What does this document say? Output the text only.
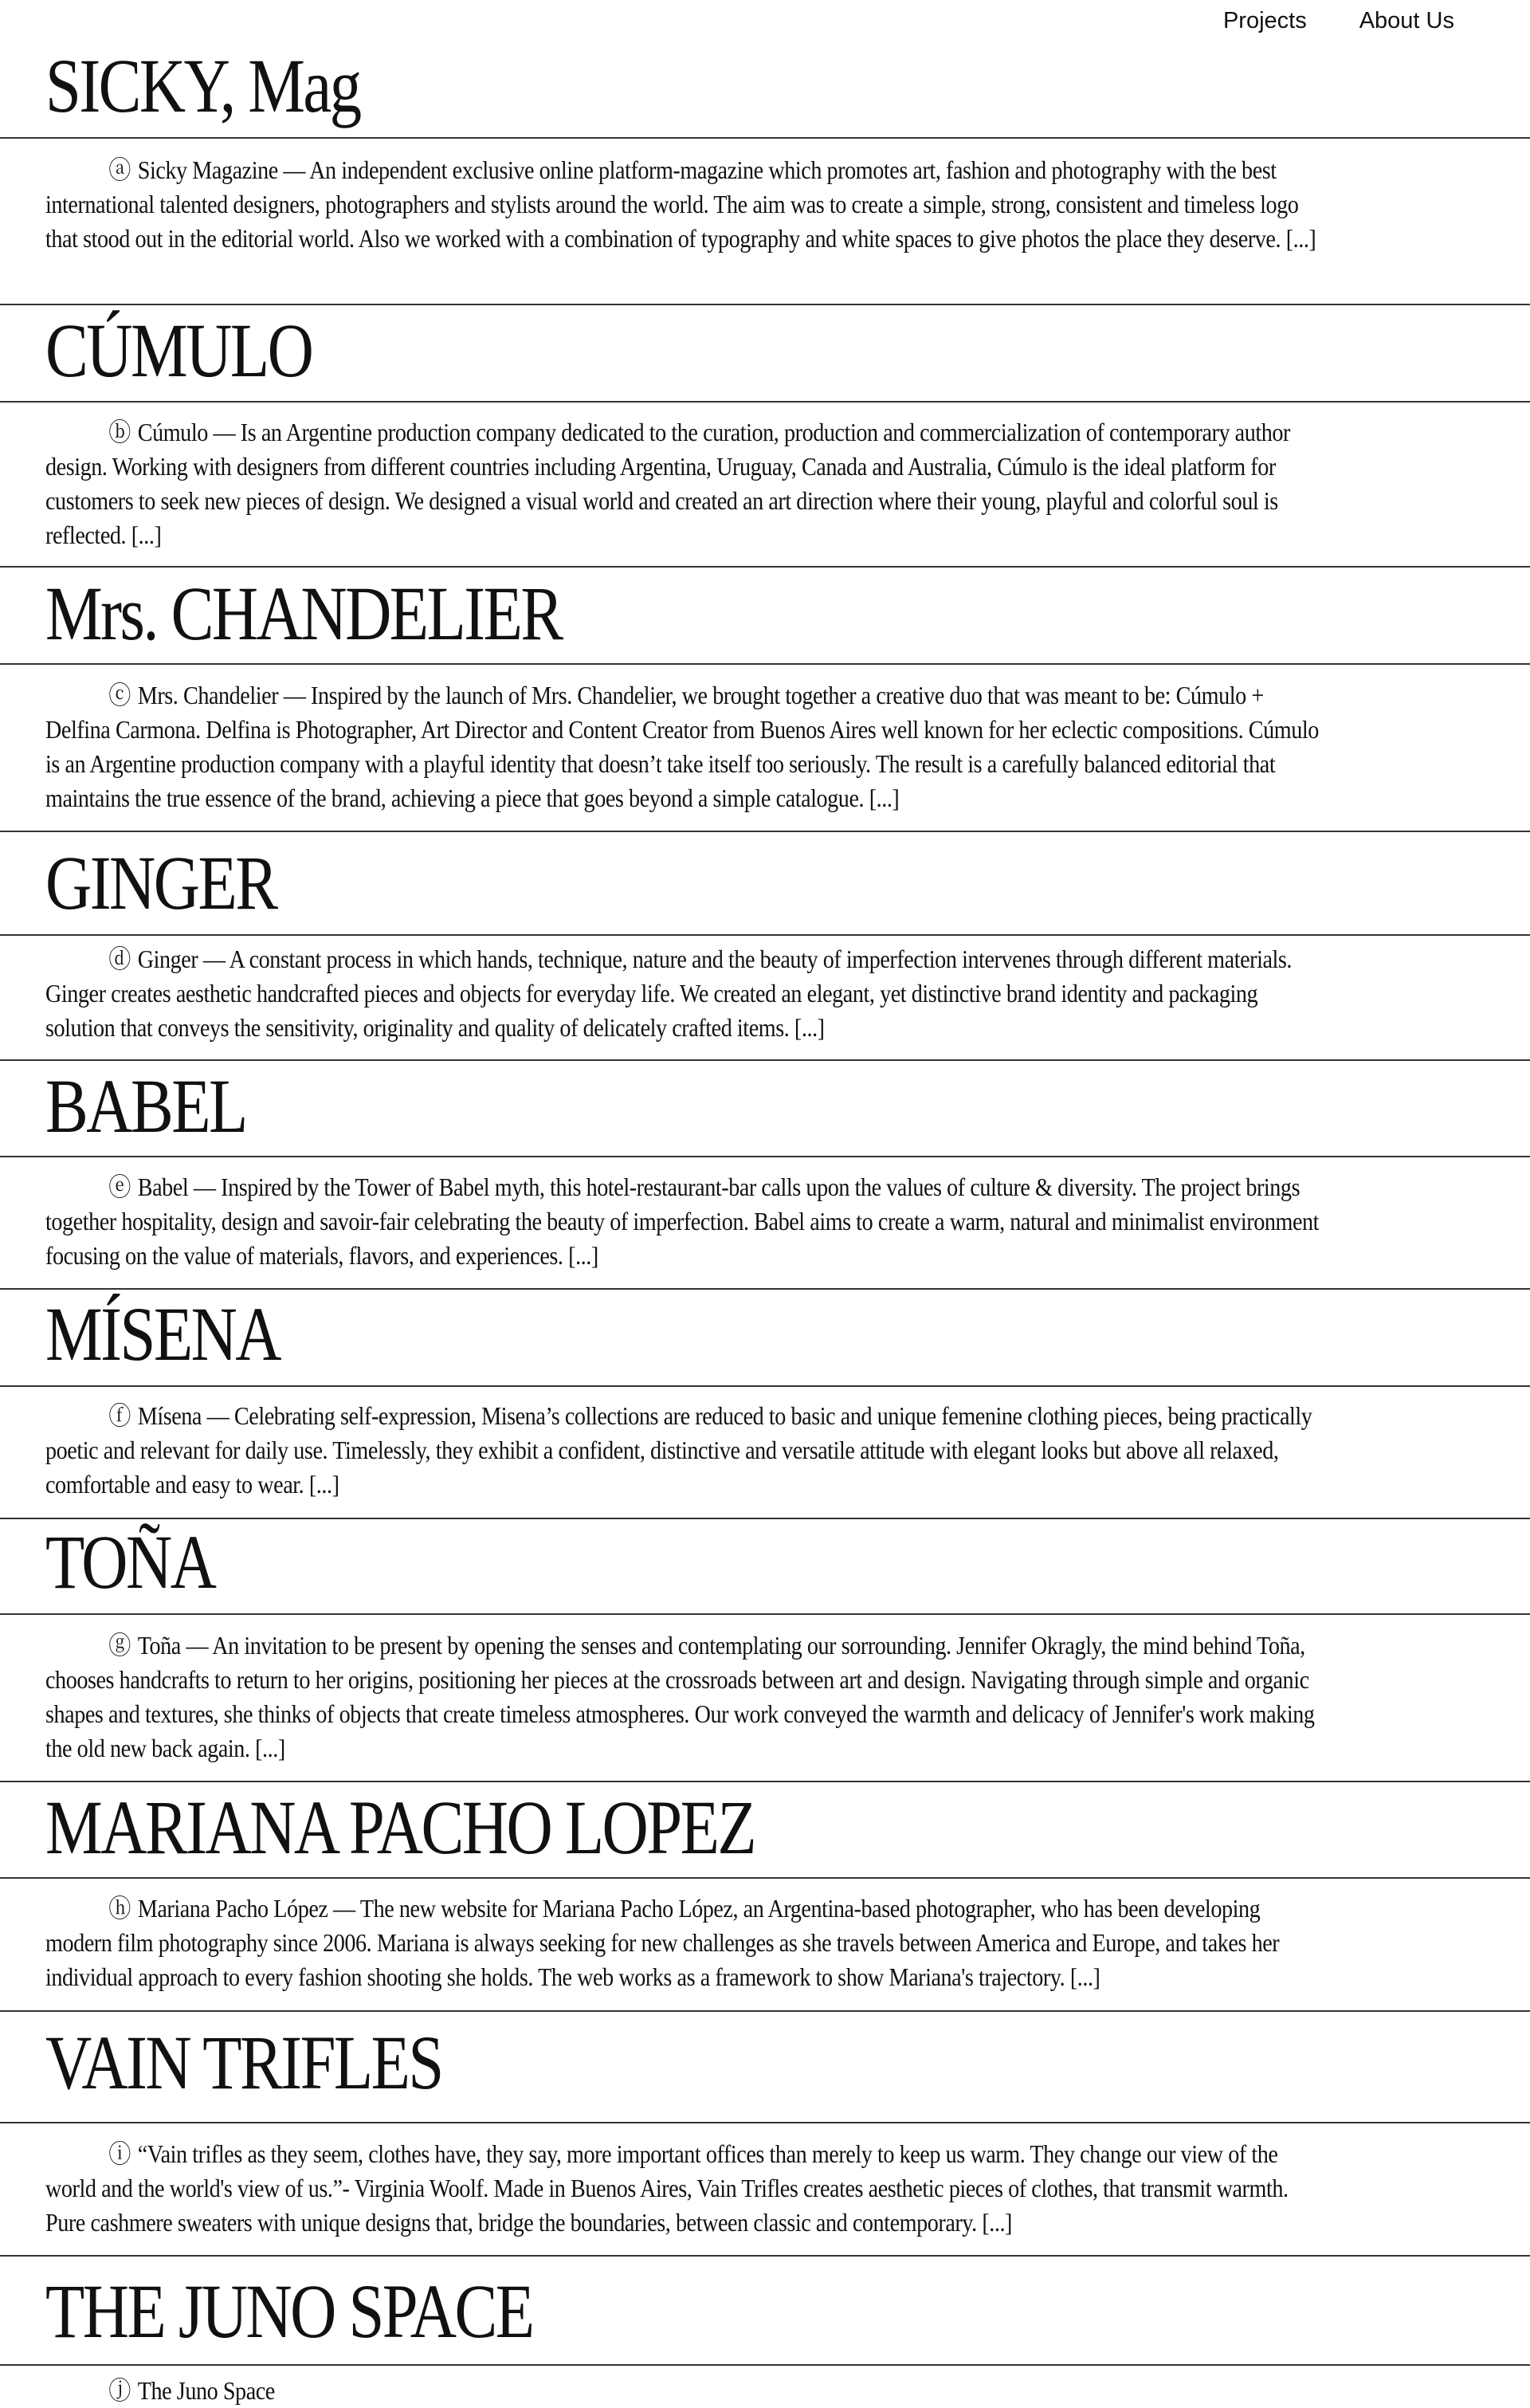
Projects About Us
SICKY, Mag

ⓐ Sicky Magazine — An independent exclusive online platform-magazine which promotes art, fashion and photography with the best international talented designers, photographers and stylists around the world. The aim was to create a simple, strong, consistent and timeless logo that stood out in the editorial world. Also we worked with a combination of typography and white spaces to give photos the place they deserve. [...]

CÚMULO

ⓑ Cúmulo — Is an Argentine production company dedicated to the curation, production and commercialization of contemporary author design. Working with designers from different countries including Argentina, Uruguay, Canada and Australia, Cúmulo is the ideal platform for customers to seek new pieces of design. We designed a visual world and created an art direction where their young, playful and colorful soul is reflected. [...]

Mrs. CHANDELIER

ⓒ Mrs. Chandelier — Inspired by the launch of Mrs. Chandelier, we brought together a creative duo that was meant to be: Cúmulo + Delfina Carmona. Delfina is Photographer, Art Director and Content Creator from Buenos Aires well known for her eclectic compositions. Cúmulo is an Argentine production company with a playful identity that doesn’t take itself too seriously. The result is a carefully balanced editorial that maintains the true essence of the brand, achieving a piece that goes beyond a simple catalogue. [...]

GINGER

ⓓ Ginger — A constant process in which hands, technique, nature and the beauty of imperfection intervenes through different materials. Ginger creates aesthetic handcrafted pieces and objects for everyday life. We created an elegant, yet distinctive brand identity and packaging solution that conveys the sensitivity, originality and quality of delicately crafted items. [...]

BABEL

ⓔ Babel — Inspired by the Tower of Babel myth, this hotel-restaurant-bar calls upon the values of culture & diversity. The project brings together hospitality, design and savoir-fair celebrating the beauty of imperfection. Babel aims to create a warm, natural and minimalist environment focusing on the value of materials, flavors, and experiences. [...]

MÍSENA

ⓕ Mísena — Celebrating self-expression, Misena’s collections are reduced to basic and unique femenine clothing pieces, being practically poetic and relevant for daily use. Timelessly, they exhibit a confident, distinctive and versatile attitude with elegant looks but above all relaxed, comfortable and easy to wear. [...]

TOÑA

ⓖ Toña — An invitation to be present by opening the senses and contemplating our sorrounding. Jennifer Okragly, the mind behind Toña, chooses handcrafts to return to her origins, positioning her pieces at the crossroads between art and design. Navigating through simple and organic shapes and textures, she thinks of objects that create timeless atmospheres. Our work conveyed the warmth and delicacy of Jennifer's work making the old new back again. [...]

MARIANA PACHO LOPEZ

ⓗ Mariana Pacho López — The new website for Mariana Pacho López, an Argentina-based photographer, who has been developing modern film photography since 2006. Mariana is always seeking for new challenges as she travels between America and Europe, and takes her individual approach to every fashion shooting she holds. The web works as a framework to show Mariana's trajectory. [...]

VAIN TRIFLES

ⓘ “Vain trifles as they seem, clothes have, they say, more important offices than merely to keep us warm. They change our view of the world and the world's view of us.”- Virginia Woolf. Made in Buenos Aires, Vain Trifles creates aesthetic pieces of clothes, that transmit warmth. Pure cashmere sweaters with unique designs that, bridge the boundaries, between classic and contemporary. [...]

THE JUNO SPACE

ⓙ The Juno Space
